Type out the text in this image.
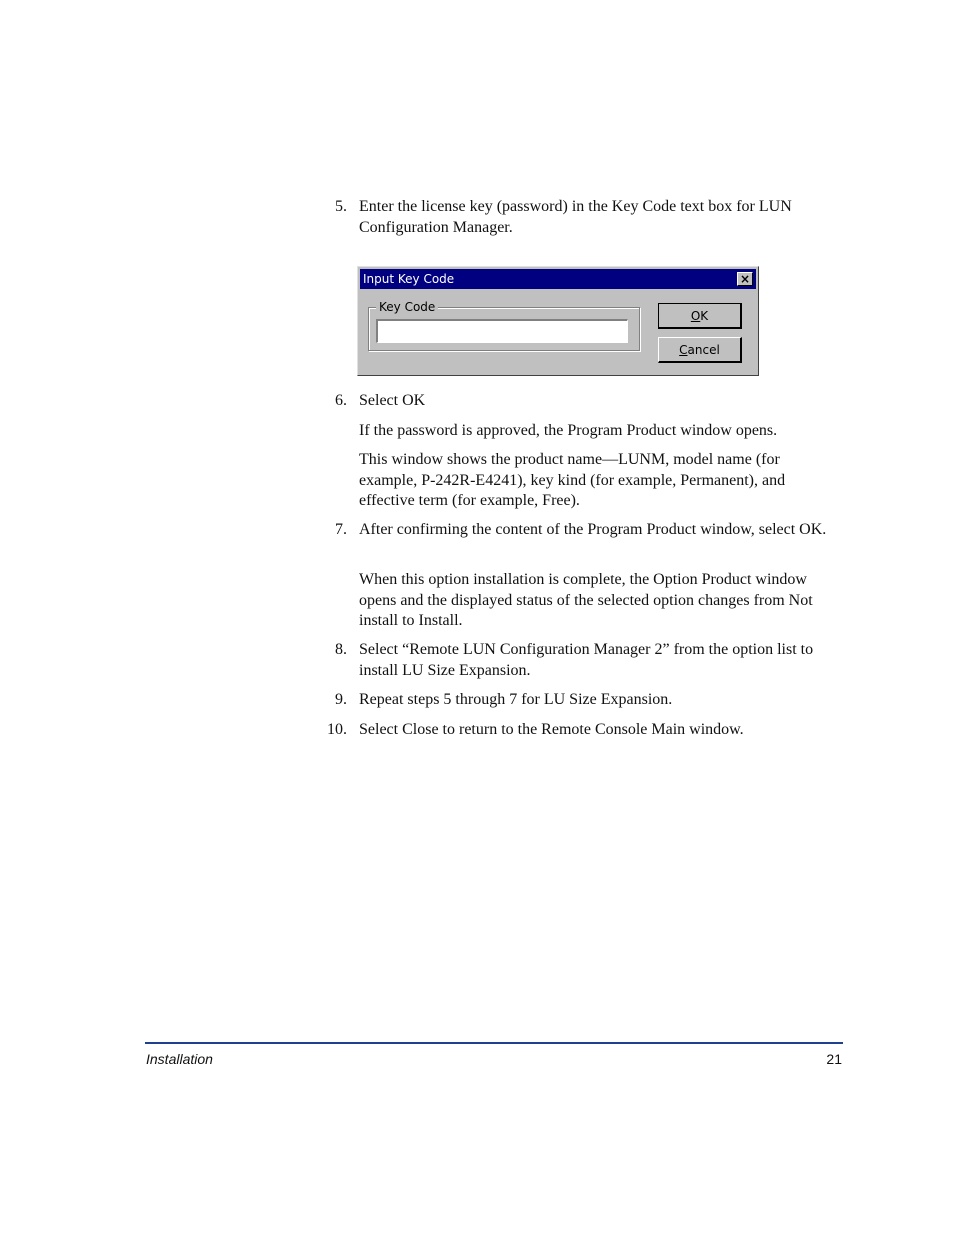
5. Enter the license key (password) in the Key Code text box for LUN Configuration Manager.
Input Key Code	×
Key Code
OK
Cancel
6. Select OK
If the password is approved, the Program Product window opens.
This window shows the product name—LUNM, model name (for example, P-242R-E4241), key kind (for example, Permanent), and effective term (for example, Free).
7. After confirming the content of the Program Product window, select OK.
When this option installation is complete, the Option Product window opens and the displayed status of the selected option changes from Not install to Install.
8. Select “Remote LUN Configuration Manager 2” from the option list to install LU Size Expansion.
9. Repeat steps 5 through 7 for LU Size Expansion.
10. Select Close to return to the Remote Console Main window.
Installation	21
